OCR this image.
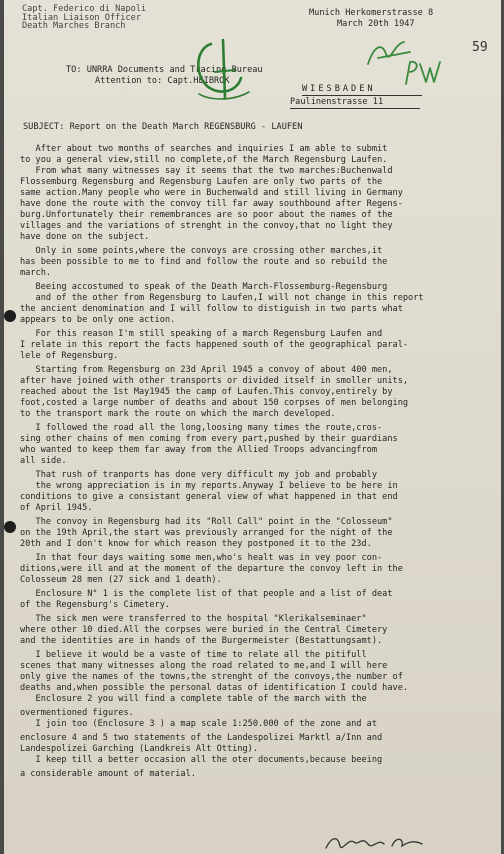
Capt. Federico di Napoli
Italian Liaison Officer
Death Marches Branch
Munich Herkomerstrasse 8
March 20th 1947
59
TO: UNRRA Documents and Tracing Bureau
Attention to: Capt.HEIBROK
WIESBADEN
Paulinenstrasse 11
SUBJECT: Report on the Death March REGENSBURG - LAUFEN
After about two months of searches and inquiries I am able to submit
to you a general view,still no complete,of the March Regensburg Laufen.
From what many witnesses say it seems that the two marches:Buchenwald
Flossemburg Regensburg and Regensburg Laufen are only two parts of the
same action.Many people who were in Buchenwald and still living in Germany
have done the route with the convoy till far away southbound after Regens-
burg.Unfortunately their remembrances are so poor about the names of the
villages and the variations of strenght in the convoy,that no light they
have done on the subject.
Only in some points,where the convoys are crossing other marches,it
has been possible to me to find and follow the route and so rebuild the
march.
Beeing accostumed to speak of the Death March-Flossemburg-Regensburg
and of the other from Regensburg to Laufen,I will not change in this report
the ancient denomination and I will follow to distiguish in two parts what
appears to be only one action.
For this reason I'm still speaking of a march Regensburg Laufen and
I relate in this report the facts happened south of the geographical paral-
lele of Regensburg.
Starting from Regensburg on 23d April 1945 a convoy of about 400 men,
after have joined with other transports or divided itself in smoller units,
reached about the 1st May1945 the camp of Laufen.This convoy,entirely by
foot,costed a large number of deaths and about 150 corpses of men belonging
to the transport mark the route on which the march developed.
I followed the road all the long,loosing many times the route,cros-
sing other chains of men coming from every part,pushed by their guardians
who wanted to keep them far away from the Allied Troops advancingfrom
all side.
That rush of tranports has done very difficult my job and probably
the wrong appreciation is in my reports.Anyway I believe to be here in
conditions to give a consistant general view of what happened in that end
of April 1945.
The convoy in Regensburg had its "Roll Call" point in the "Colosseum"
on the 19th April,the start was previously arranged for the night of the
20th and I don't know for which reason they postponed it to the 23d.
In that four days waiting some men,who's healt was in vey poor con-
ditions,were ill and at the moment of the departure the convoy left in the
Colosseum 28 men (27 sick and 1 death).
Enclosure N° 1 is the complete list of that people and a list of deat
of the Regensburg's Cimetery.
The sick men were transferred to the hospital "Klerikalseminaer"
where other 10 died.All the corpses were buried in the Central Cimetery
and the identities are in hands of the Burgermeister (Bestattungsamt).
I believe it would be a vaste of time to relate all the pitifull
scenes that many witnesses along the road related to me,and I will here
only give the names of the towns,the strenght of the convoys,the number of
deaths and,when possible the personal datas of identification I could have.
Enclosure 2 you will find a complete table of the march with the
overmentioned figures.
I join too (Enclosure 3 ) a map scale 1:250.000 of the zone and at
enclosure 4 and 5 two statements of the Landespolizei Marktl a/Inn and
Landespolizei Garching (Landkreis Alt Otting).
I keep till a better occasion all the oter documents,because beeing
a considerable amount of material.
